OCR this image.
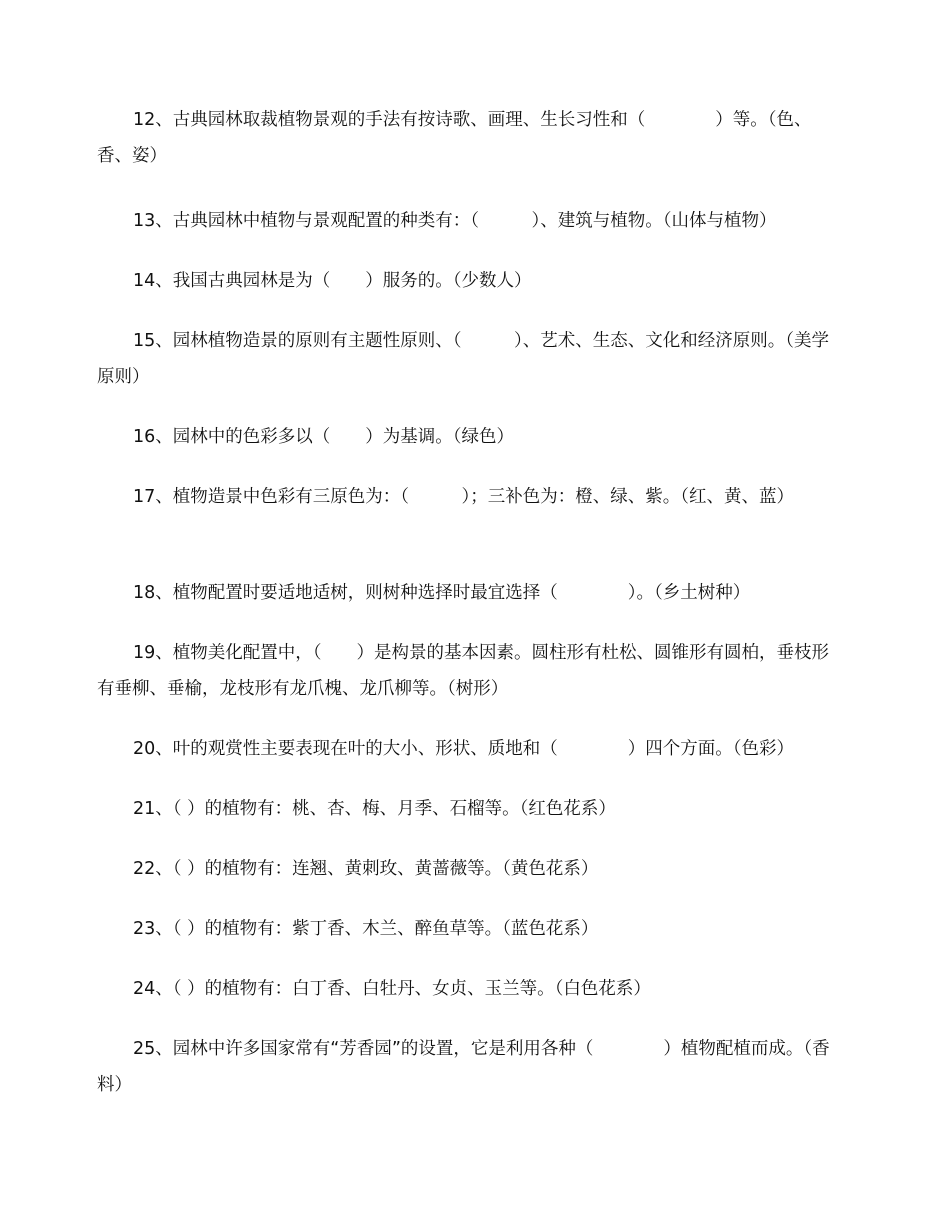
12、古典园林取裁植物景观的手法有按诗歌、画理、生长习性和（　　　　）等。（色、香、姿）

13、古典园林中植物与景观配置的种类有：（　　　）、建筑与植物。（山体与植物）

14、我国古典园林是为（　　）服务的。（少数人）

15、园林植物造景的原则有主题性原则、（　　　）、艺术、生态、文化和经济原则。（美学原则）

16、园林中的色彩多以（　　）为基调。（绿色）

17、植物造景中色彩有三原色为：（　　　）；三补色为：橙、绿、紫。（红、黄、蓝）

18、植物配置时要适地适树，则树种选择时最宜选择（　　　　）。（乡土树种）

19、植物美化配置中，（　　）是构景的基本因素。圆柱形有杜松、圆锥形有圆柏，垂枝形有垂柳、垂榆，龙枝形有龙爪槐、龙爪柳等。（树形）

20、叶的观赏性主要表现在叶的大小、形状、质地和（　　　　）四个方面。（色彩）

21、（ ）的植物有：桃、杏、梅、月季、石榴等。（红色花系）

22、（ ）的植物有：连翘、黄刺玫、黄蔷薇等。（黄色花系）

23、（ ）的植物有：紫丁香、木兰、醉鱼草等。（蓝色花系）

24、（ ）的植物有：白丁香、白牡丹、女贞、玉兰等。（白色花系）

25、园林中许多国家常有“芳香园”的设置，它是利用各种（　　　　）植物配植而成。（香料）
